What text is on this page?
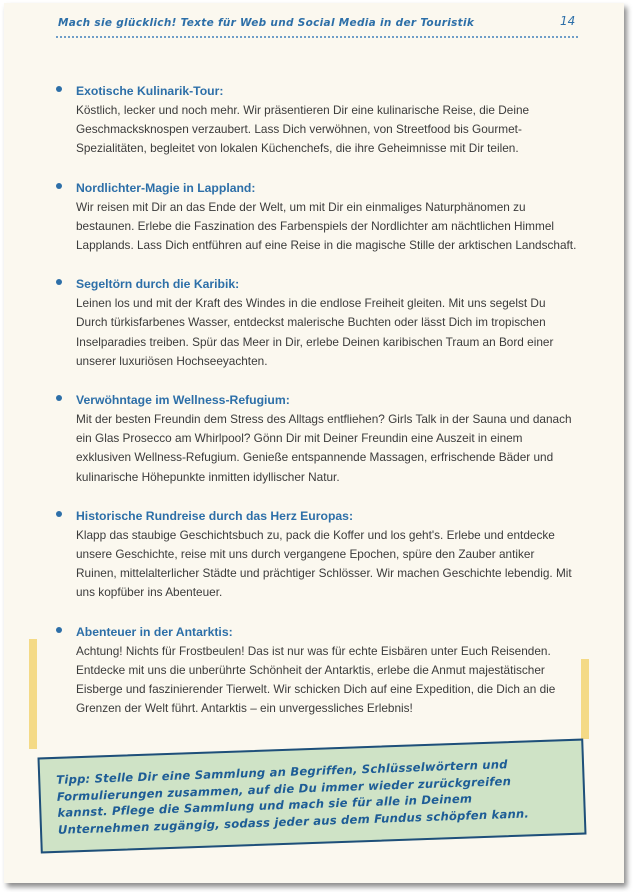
Mach sie glücklich! Texte für Web und Social Media in der Touristik	14
Exotische Kulinarik-Tour:

Köstlich, lecker und noch mehr. Wir präsentieren Dir eine kulinarische Reise, die Deine Geschmacksknospen verzaubert. Lass Dich verwöhnen, von Streetfood bis Gourmet-Spezialitäten, begleitet von lokalen Küchenchefs, die ihre Geheimnisse mit Dir teilen.

Nordlichter-Magie in Lappland:

Wir reisen mit Dir an das Ende der Welt, um mit Dir ein einmaliges Naturphänomen zu bestaunen. Erlebe die Faszination des Farbenspiels der Nordlichter am nächtlichen Himmel Lapplands. Lass Dich entführen auf eine Reise in die magische Stille der arktischen Landschaft.

Segeltörn durch die Karibik:

Leinen los und mit der Kraft des Windes in die endlose Freiheit gleiten. Mit uns segelst Du Durch türkisfarbenes Wasser, entdeckst malerische Buchten oder lässt Dich im tropischen Inselparadies treiben. Spür das Meer in Dir, erlebe Deinen karibischen Traum an Bord einer unserer luxuriösen Hochseeyachten.

Verwöhntage im Wellness-Refugium:

Mit der besten Freundin dem Stress des Alltags entfliehen? Girls Talk in der Sauna und danach ein Glas Prosecco am Whirlpool? Gönn Dir mit Deiner Freundin eine Auszeit in einem exklusiven Wellness-Refugium. Genieße entspannende Massagen, erfrischende Bäder und kulinarische Höhepunkte inmitten idyllischer Natur.

Historische Rundreise durch das Herz Europas:

Klapp das staubige Geschichtsbuch zu, pack die Koffer und los geht's. Erlebe und entdecke unsere Geschichte, reise mit uns durch vergangene Epochen, spüre den Zauber antiker Ruinen, mittelalterlicher Städte und prächtiger Schlösser. Wir machen Geschichte lebendig. Mit uns kopfüber ins Abenteuer.

Abenteuer in der Antarktis:

Achtung! Nichts für Frostbeulen! Das ist nur was für echte Eisbären unter Euch Reisenden. Entdecke mit uns die unberührte Schönheit der Antarktis, erlebe die Anmut majestätischer Eisberge und faszinierender Tierwelt. Wir schicken Dich auf eine Expedition, die Dich an die Grenzen der Welt führt. Antarktis – ein unvergessliches Erlebnis!

Tipp: Stelle Dir eine Sammlung an Begriffen, Schlüsselwörtern und Formulierungen zusammen, auf die Du immer wieder zurückgreifen kannst. Pflege die Sammlung und mach sie für alle in Deinem Unternehmen zugängig, sodass jeder aus dem Fundus schöpfen kann.
